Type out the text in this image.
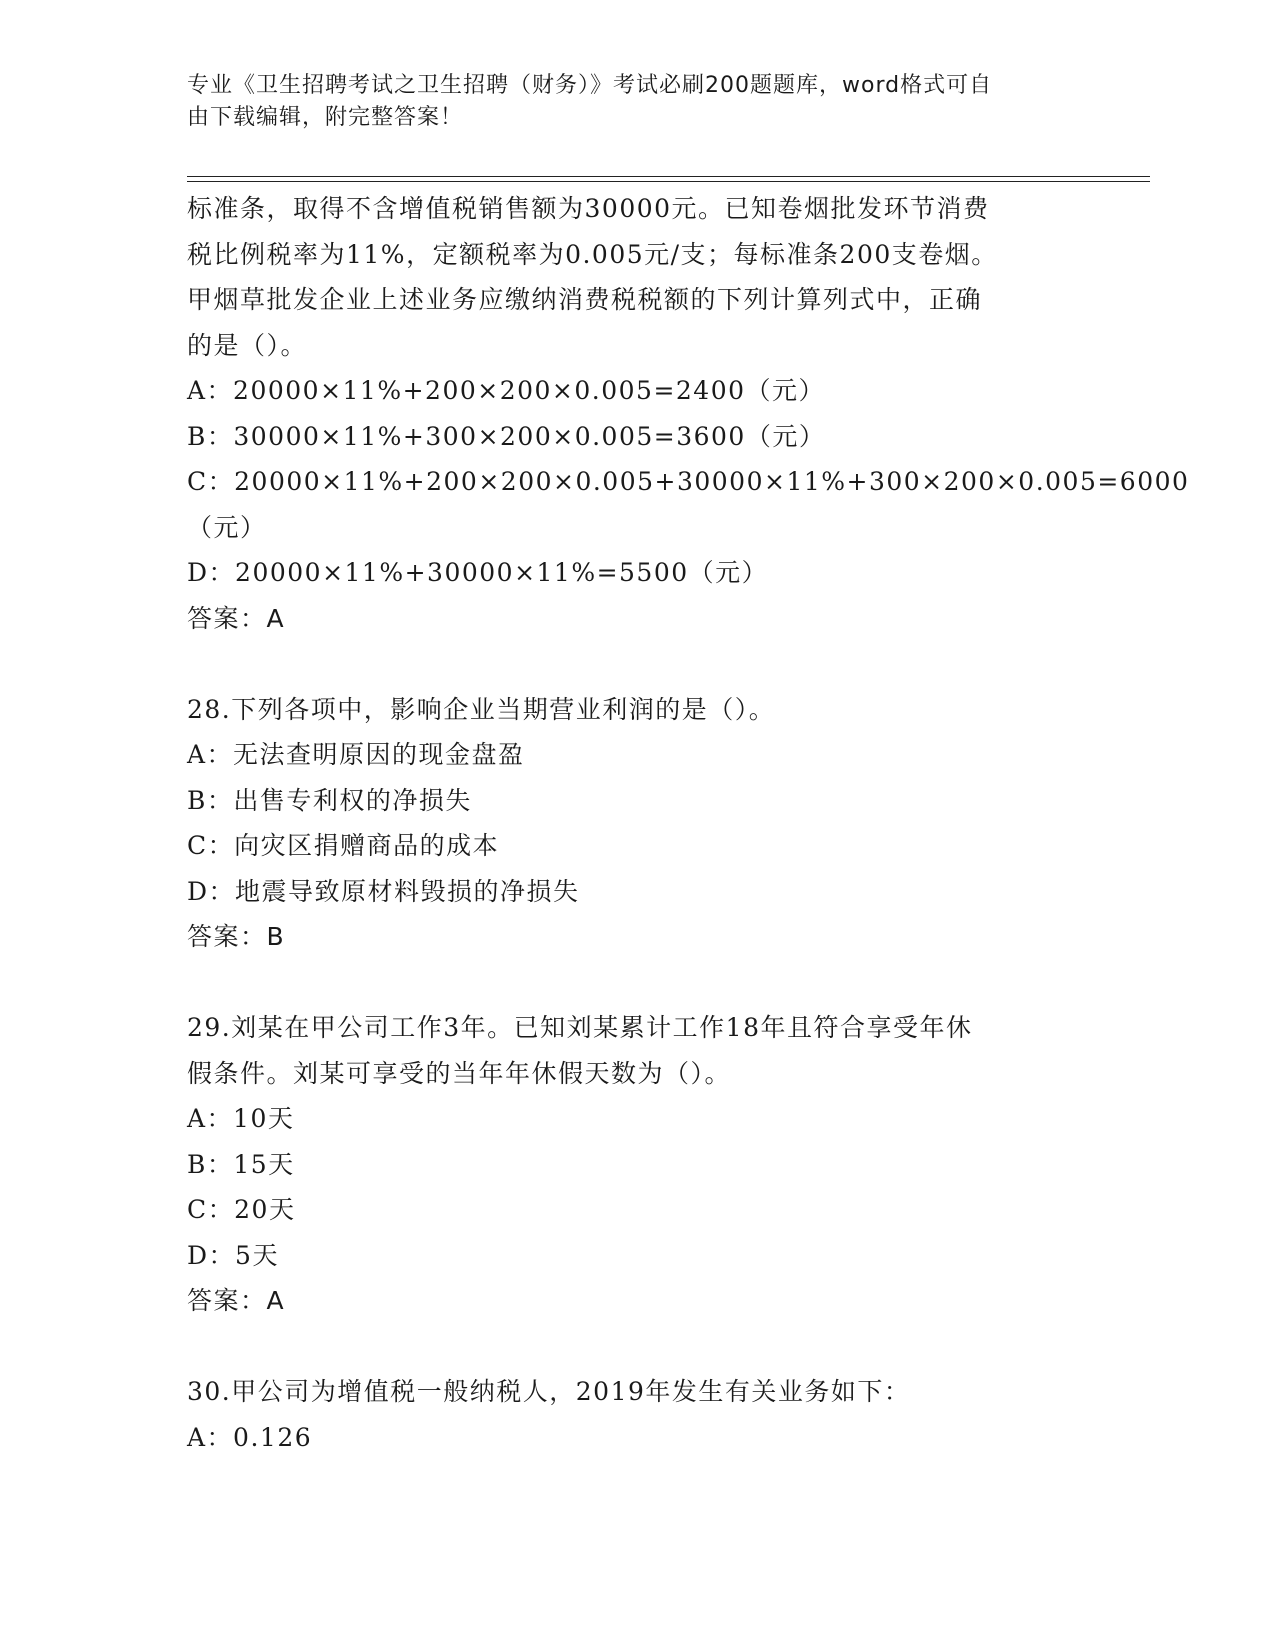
专业《卫生招聘考试之卫生招聘（财务）》考试必刷200题题库，word格式可自
由下载编辑，附完整答案！
标准条，取得不含增值税销售额为30000元。已知卷烟批发环节消费
税比例税率为11%，定额税率为0.005元/支；每标准条200支卷烟。
甲烟草批发企业上述业务应缴纳消费税税额的下列计算列式中，正确
的是（）。
A：20000×11%+200×200×0.005=2400（元）
B：30000×11%+300×200×0.005=3600（元）
C：20000×11%+200×200×0.005+30000×11%+300×200×0.005=6000
（元）
D：20000×11%+30000×11%=5500（元）
答案：A
28.下列各项中，影响企业当期营业利润的是（）。
A：无法查明原因的现金盘盈
B：出售专利权的净损失
C：向灾区捐赠商品的成本
D：地震导致原材料毁损的净损失
答案：B
29.刘某在甲公司工作3年。已知刘某累计工作18年且符合享受年休
假条件。刘某可享受的当年年休假天数为（）。
A：10天
B：15天
C：20天
D：5天
答案：A
30.甲公司为增值税一般纳税人，2019年发生有关业务如下：
A：0.126
